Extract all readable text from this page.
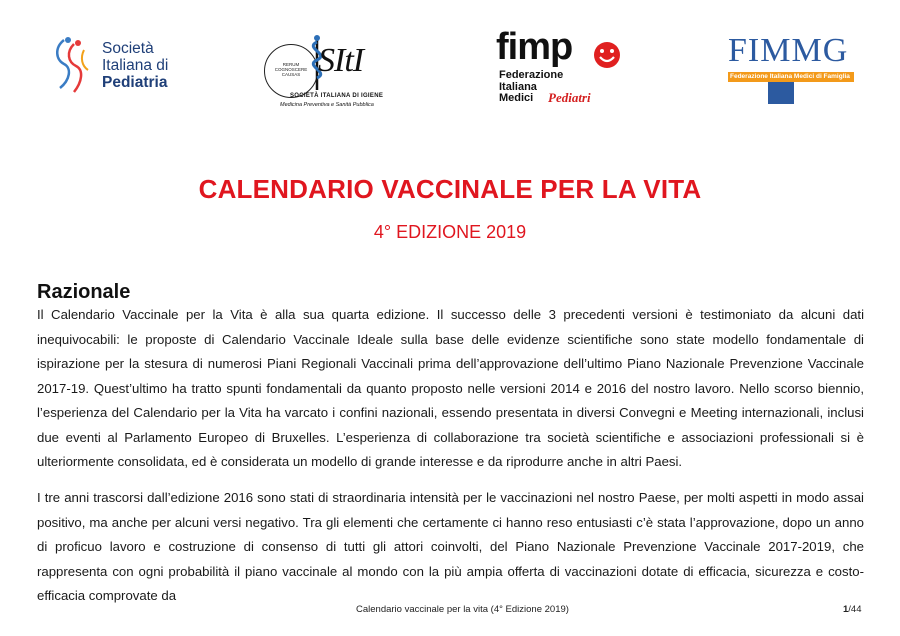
Società
Italiana di
Pediatria
RERUM
COGNOSCERE
CAUSAS SItI
SOCIETÀ ITALIANA DI IGIENE
Medicina Preventiva e Sanità Pubblica
fimp
Federazione
Italiana
Medici	Pediatri
FIMMG
Federazione Italiana Medici di Famiglia
CALENDARIO VACCINALE PER LA VITA
4° EDIZIONE 2019
Razionale

Il Calendario Vaccinale per la Vita è alla sua quarta edizione. Il successo delle 3 precedenti versioni è testimoniato da alcuni dati inequivocabili: le proposte di Calendario Vaccinale Ideale sulla base delle evidenze scientifiche sono state modello fondamentale di ispirazione per la stesura di numerosi Piani Regionali Vaccinali prima dell’approvazione dell’ultimo Piano Nazionale Prevenzione Vaccinale 2017-19. Quest’ultimo ha tratto spunti fondamentali da quanto proposto nelle versioni 2014 e 2016 del nostro lavoro. Nello scorso biennio, l’esperienza del Calendario per la Vita ha varcato i confini nazionali, essendo presentata in diversi Convegni e Meeting internazionali, inclusi due eventi al Parlamento Europeo di Bruxelles. L’esperienza di collaborazione tra società scientifiche e associazioni professionali si è ulteriormente consolidata, ed è considerata un modello di grande interesse e da riprodurre anche in altri Paesi.

I tre anni trascorsi dall’edizione 2016 sono stati di straordinaria intensità per le vaccinazioni nel nostro Paese, per molti aspetti in modo assai positivo, ma anche per alcuni versi negativo. Tra gli elementi che certamente ci hanno reso entusiasti c’è stata l’approvazione, dopo un anno di proficuo lavoro e costruzione di consenso di tutti gli attori coinvolti, del Piano Nazionale Prevenzione Vaccinale 2017-2019, che rappresenta con ogni probabilità il piano vaccinale al mondo con la più ampia offerta di vaccinazioni dotate di efficacia, sicurezza e costo-efficacia comprovate da

Calendario vaccinale per la vita (4° Edizione 2019)	1/44
